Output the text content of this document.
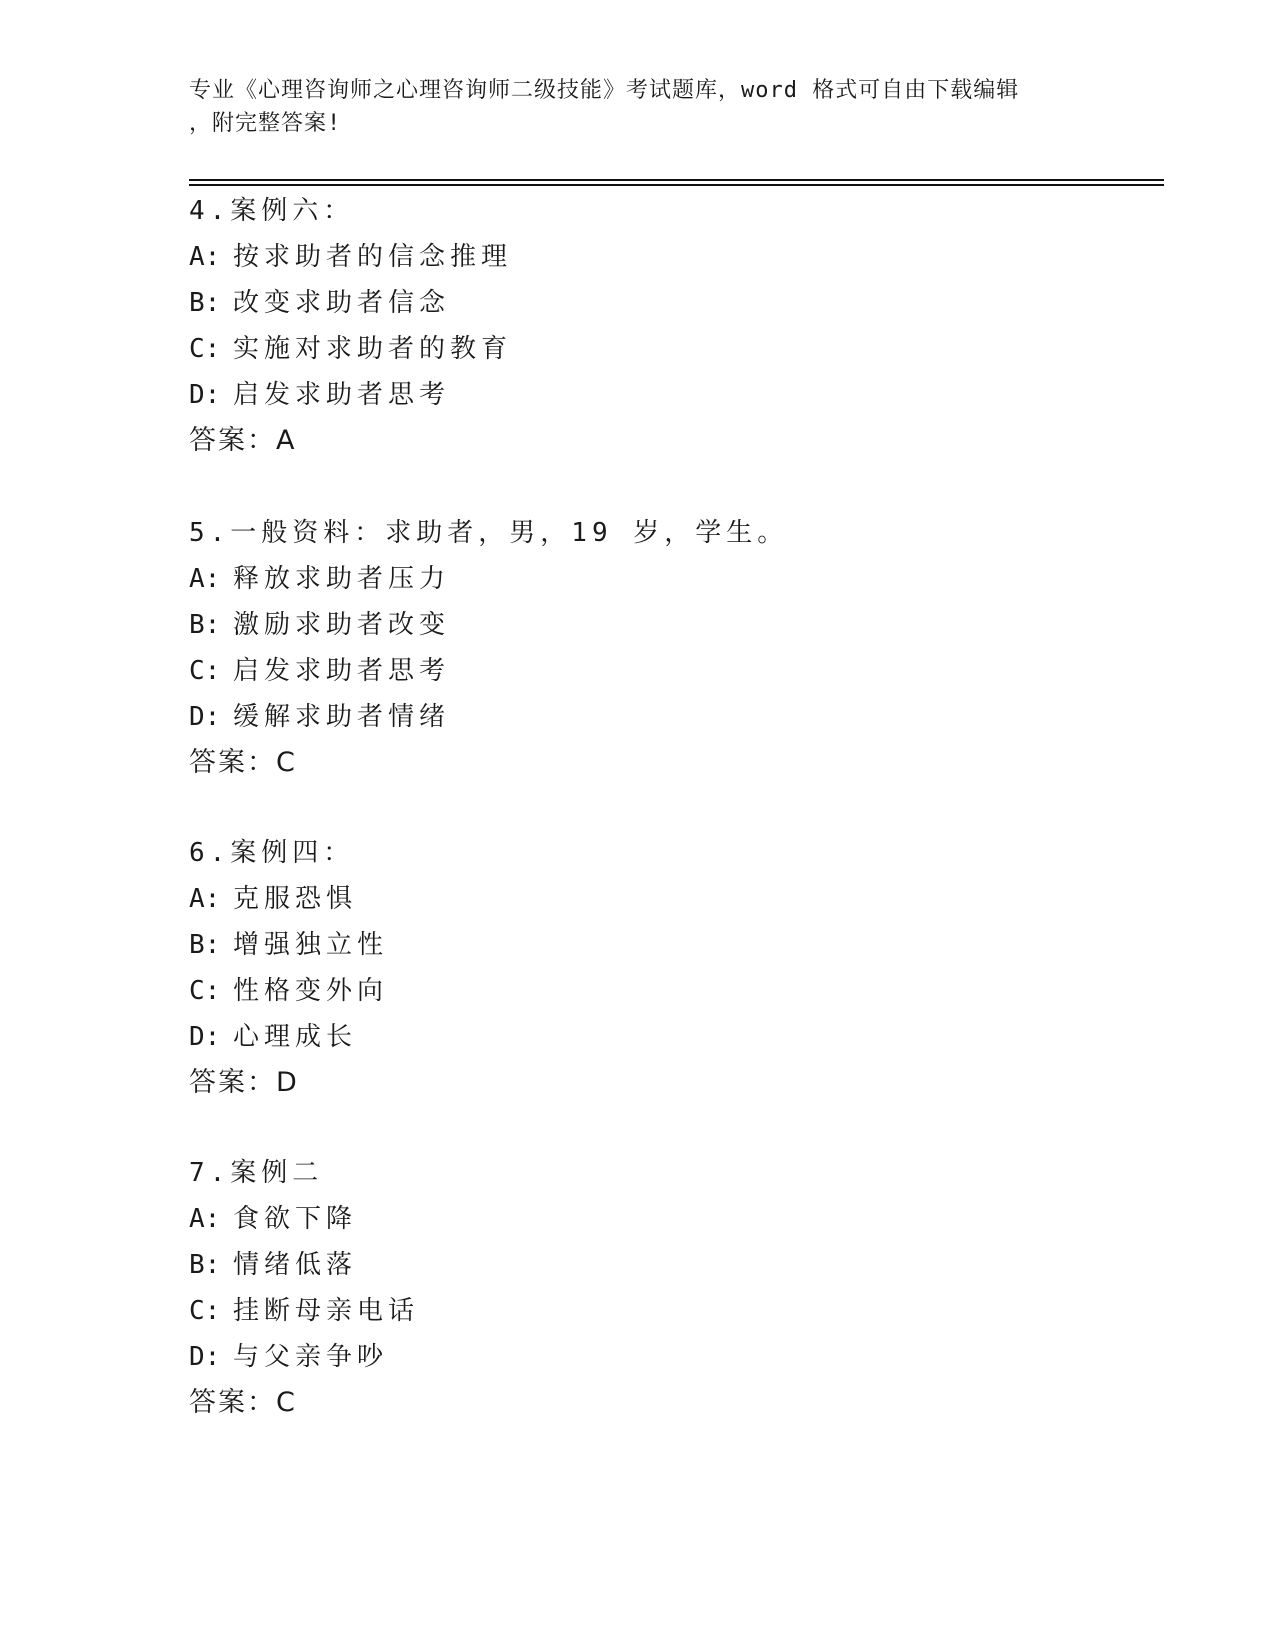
专业《心理咨询师之心理咨询师二级技能》考试题库，word 格式可自由下载编辑
，附完整答案!
4.案例六：
A: 按求助者的信念推理
B: 改变求助者信念
C: 实施对求助者的教育
D: 启发求助者思考
答案：A
5.一般资料：求助者，男，19 岁，学生。
A: 释放求助者压力
B: 激励求助者改变
C: 启发求助者思考
D: 缓解求助者情绪
答案：C
6.案例四：
A: 克服恐惧
B: 增强独立性
C: 性格变外向
D: 心理成长
答案：D
7.案例二
A: 食欲下降
B: 情绪低落
C: 挂断母亲电话
D: 与父亲争吵
答案：C
